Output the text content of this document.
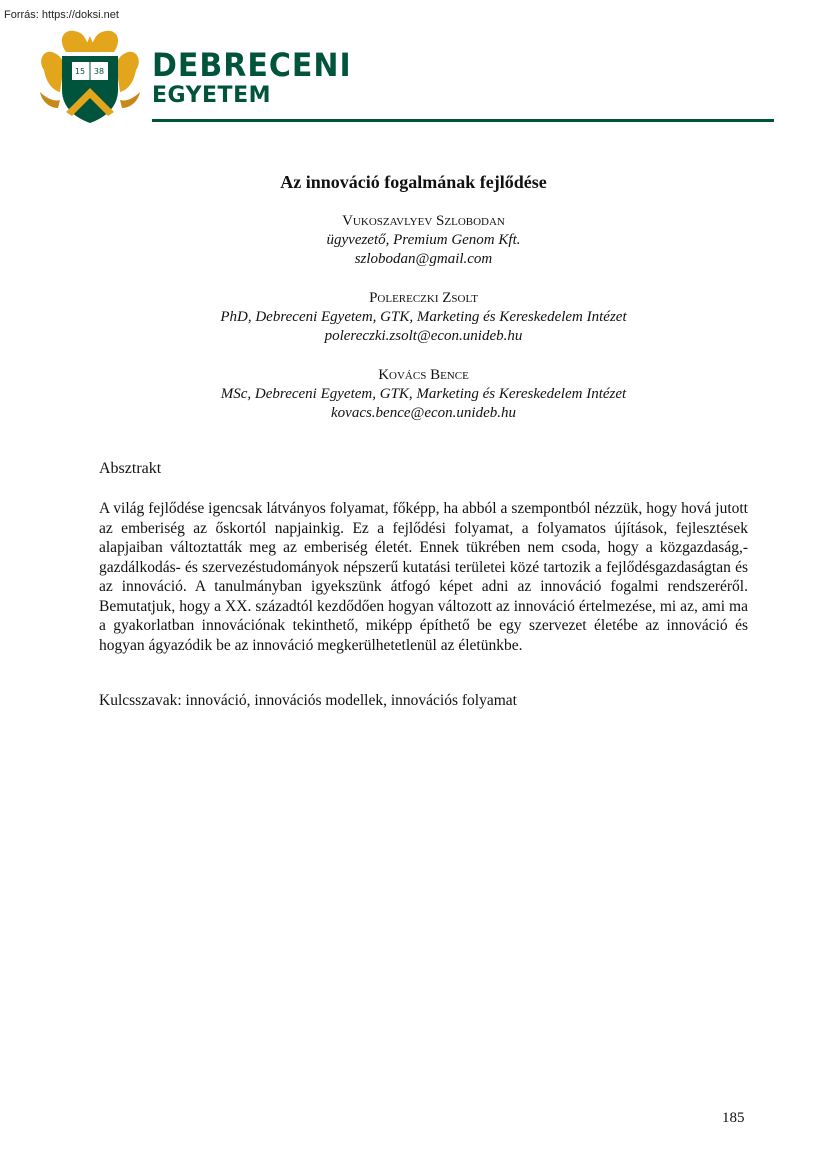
Forrás: https://doksi.net
15 38 DEBRECENI
EGYETEM
Az innováció fogalmának fejlődése
Vukoszavlyev Szlobodan
ügyvezető, Premium Genom Kft.
szlobodan@gmail.com
Polereczki Zsolt
PhD, Debreceni Egyetem, GTK, Marketing és Kereskedelem Intézet
polereczki.zsolt@econ.unideb.hu
Kovács Bence
MSc, Debreceni Egyetem, GTK, Marketing és Kereskedelem Intézet
kovacs.bence@econ.unideb.hu
Absztrakt

A világ fejlődése igencsak látványos folyamat, főképp, ha abból a szempontból nézzük, hogy hová jutott az emberiség az őskortól napjainkig. Ez a fejlődési folyamat, a folyamatos újítások, fejlesztések alapjaiban változtatták meg az emberiség életét. Ennek tükrében nem csoda, hogy a közgazdaság,- gazdálkodás- és szervezéstudományok népszerű kutatási területei közé tartozik a fejlődésgazdaságtan és az innováció. A tanulmányban igyekszünk átfogó képet adni az innováció fogalmi rendszeréről. Bemutatjuk, hogy a XX. századtól kezdődően hogyan változott az innováció értelmezése, mi az, ami ma a gyakorlatban innovációnak tekinthető, miképp építhető be egy szervezet életébe az innováció és hogyan ágyazódik be az innováció megkerülhetetlenül az életünkbe.

Kulcsszavak: innováció, innovációs modellek, innovációs folyamat
185
